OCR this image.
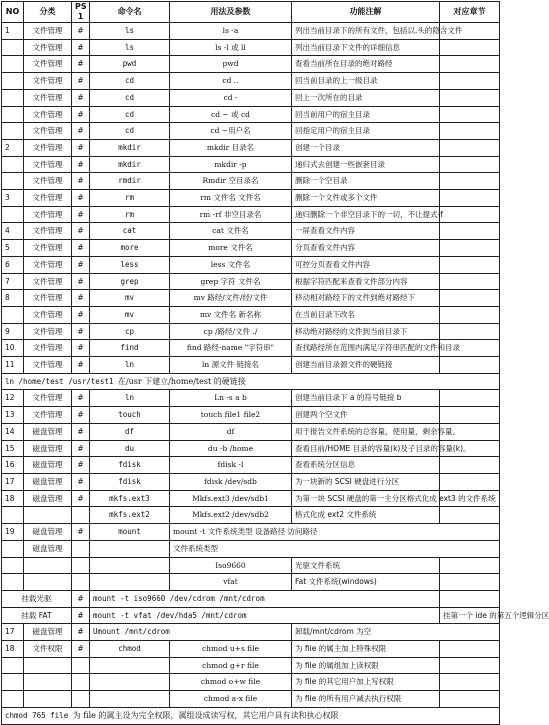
NO	分类	PS 1	命令名	用法及参数	功能注解	对应章节
1	文件管理	#	ls	ls -a	列出当前目录下的所有文件，包括以.头的隐含文件	
	文件管理	#	ls	ls -l 或 ll	列出当前目录下文件的详细信息	
	文件管理	#	pwd	pwd	查看当前所在目录的绝对路经	
	文件管理	#	cd	cd ..	回当前目录的上一级目录	
	文件管理	#	cd	cd -	回上一次所在的目录	
	文件管理	#	cd	cd ~ 或 cd	回当前用户的宿主目录	
	文件管理	#	cd	cd ~用户名	回指定用户的宿主目录	
2	文件管理	#	mkdir	mkdir 目录名	创建一个目录	
	文件管理	#	mkdir	mkdir -p	递归式去创建一些嵌套目录	
	文件管理	#	rmdir	Rmdir 空目录名	删除一个空目录	
3	文件管理	#	rm	rm 文件名 文件名	删除一个文件或多个文件	
	文件管理	#	rm	rm -rf 非空目录名	递归删除一个非空目录下的一切，不让提式-f	
4	文件管理	#	cat	cat 文件名	一屏查看文件内容	
5	文件管理	#	more	more 文件名	分页查看文件内容	
6	文件管理	#	less	less 文件名	可控分页查看文件内容	
7	文件管理	#	grep	grep 字符 文件名	根据字符匹配来查看文件部分内容	
8	文件管理	#	mv	mv 路经/文件/经/文件	移动相对路经下的文件到绝对路经下	
	文件管理	#	mv	mv 文件名 新名称	在当前目录下改名	
9	文件管理	#	cp	cp /路经/文件 ./	移动绝对路经的文件到当前目录下	
10	文件管理	#	find	find 路经-name "字符串"	查找路经所在范围内满足字符串匹配的文件和目录	
11	文件管理	#	ln	ln 源文件 链接名	创建当前目录源文件的硬链接	
ln /home/test /usr/test1 在/usr 下建立/home/test 的硬链接						
12	文件管理	#	ln	Ln -s a b	创建当前目录下 a 的符号链接 b	
13	文件管理	#	touch	touch file1 file2	创建两个空文件	
14	磁盘管理	#	df	df	用于报告文件系统的总容量，使用量，剩余容量。	
15	磁盘管理	#	du	du -b /home	查看目前/HOME 目录的容量(k)及子目录的容量(k)。	
16	磁盘管理	#	fdisk	fdisk -l	查看系统分区信息	
17	磁盘管理	#	fdisk	fdisk /dev/sdb	为一块新的 SCSI 硬盘进行分区	
18	磁盘管理	#	mkfs.ext3	Mkfs.ext3 /dev/sdb1	为第一块 SCSI 硬盘的第一主分区格式化成 ext3 的文件系统	
			mkfs.ext2	Mkfs.ext2 /dev/sdb2	格式化成 ext2 文件系统	
19	磁盘管理	#	mount	mount -t 文件系统类型 设备路径 访问路径		
	磁盘管理			文件系统类型		
				Iso9660	光驱文件系统	
				vfat	Fat 文件系统(windows)	
挂载光驱		#	mount -t iso9660 /dev/cdrom /mnt/cdrom			
挂载 FAT		#	mount -t vfat /dev/hda5 /mnt/cdrom			挂第一个 ide 的第五个逻辑分区
17	磁盘管理	#	Umount /mnt/cdrom		卸载/mnt/cdrom 为空	
18	文件权限	#	chmod	chmod u+s file	为 file 的属主加上特殊权限	
				chmod g+r file	为 file 的属组加上读权限	
				chmod o+w file	为 file 的其它用户加上写权限	
				chmod a-x file	为 file 的所有用户减去执行权限	
chmod 765 file 为 file 的属主设为完全权限，属组设成读写权，其它用户具有读和执心权限						
